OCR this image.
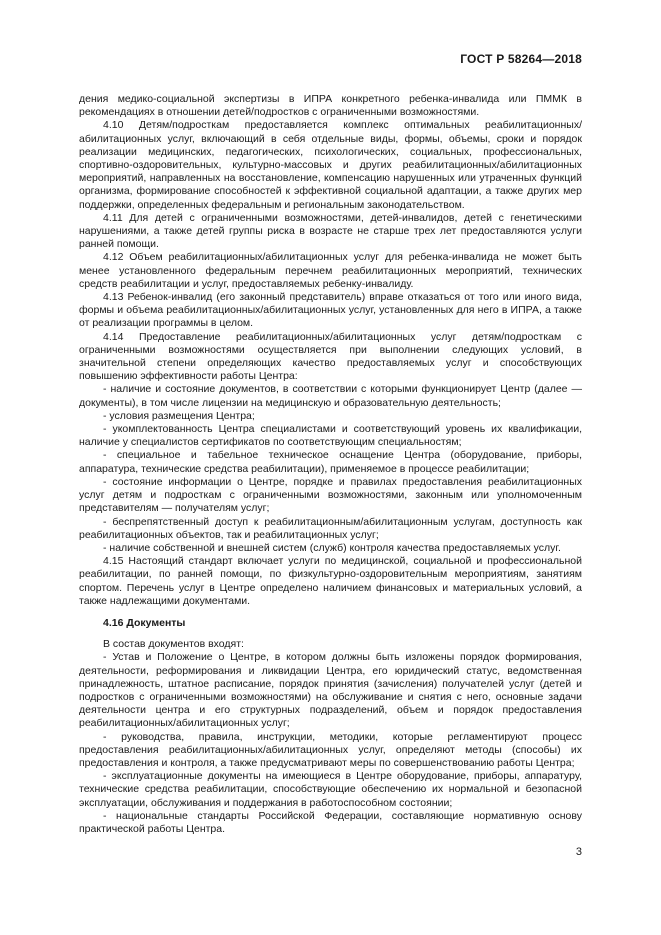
ГОСТ Р 58264—2018

дения медико-социальной экспертизы в ИПРА конкретного ребенка-инвалида или ПММК в рекомендациях в отношении детей/подростков с ограниченными возможностями.

4.10 Детям/подросткам предоставляется комплекс оптимальных реабилитационных/абилитационных услуг, включающий в себя отдельные виды, формы, объемы, сроки и порядок реализации медицинских, педагогических, психологических, социальных, профессиональных, спортивно-оздоровительных, культурно-массовых и других реабилитационных/абилитационных мероприятий, направленных на восстановление, компенсацию нарушенных или утраченных функций организма, формирование способностей к эффективной социальной адаптации, а также других мер поддержки, определенных федеральным и региональным законодательством.

4.11 Для детей с ограниченными возможностями, детей-инвалидов, детей с генетическими нарушениями, а также детей группы риска в возрасте не старше трех лет предоставляются услуги ранней помощи.

4.12 Объем реабилитационных/абилитационных услуг для ребенка-инвалида не может быть менее установленного федеральным перечнем реабилитационных мероприятий, технических средств реабилитации и услуг, предоставляемых ребенку-инвалиду.

4.13 Ребенок-инвалид (его законный представитель) вправе отказаться от того или иного вида, формы и объема реабилитационных/абилитационных услуг, установленных для него в ИПРА, а также от реализации программы в целом.

4.14 Предоставление реабилитационных/абилитационных услуг детям/подросткам с ограниченными возможностями осуществляется при выполнении следующих условий, в значительной степени определяющих качество предоставляемых услуг и способствующих повышению эффективности работы Центра:

- наличие и состояние документов, в соответствии с которыми функционирует Центр (далее — документы), в том числе лицензии на медицинскую и образовательную деятельность;

- условия размещения Центра;

- укомплектованность Центра специалистами и соответствующий уровень их квалификации, наличие у специалистов сертификатов по соответствующим специальностям;

- специальное и табельное техническое оснащение Центра (оборудование, приборы, аппаратура, технические средства реабилитации), применяемое в процессе реабилитации;

- состояние информации о Центре, порядке и правилах предоставления реабилитационных услуг детям и подросткам с ограниченными возможностями, законным или уполномоченным представителям — получателям услуг;

- беспрепятственный доступ к реабилитационным/абилитационным услугам, доступность как реабилитационных объектов, так и реабилитационных услуг;

- наличие собственной и внешней систем (служб) контроля качества предоставляемых услуг.

4.15 Настоящий стандарт включает услуги по медицинской, социальной и профессиональной реабилитации, по ранней помощи, по физкультурно-оздоровительным мероприятиям, занятиям спортом. Перечень услуг в Центре определено наличием финансовых и материальных условий, а также надлежащими документами.

4.16 Документы

В состав документов входят:

- Устав и Положение о Центре, в котором должны быть изложены порядок формирования, деятельности, реформирования и ликвидации Центра, его юридический статус, ведомственная принадлежность, штатное расписание, порядок принятия (зачисления) получателей услуг (детей и подростков с ограниченными возможностями) на обслуживание и снятия с него, основные задачи деятельности центра и его структурных подразделений, объем и порядок предоставления реабилитационных/абилитационных услуг;

- руководства, правила, инструкции, методики, которые регламентируют процесс предоставления реабилитационных/абилитационных услуг, определяют методы (способы) их предоставления и контроля, а также предусматривают меры по совершенствованию работы Центра;

- эксплуатационные документы на имеющиеся в Центре оборудование, приборы, аппаратуру, технические средства реабилитации, способствующие обеспечению их нормальной и безопасной эксплуатации, обслуживания и поддержания в работоспособном состоянии;

- национальные стандарты Российской Федерации, составляющие нормативную основу практической работы Центра.

3
